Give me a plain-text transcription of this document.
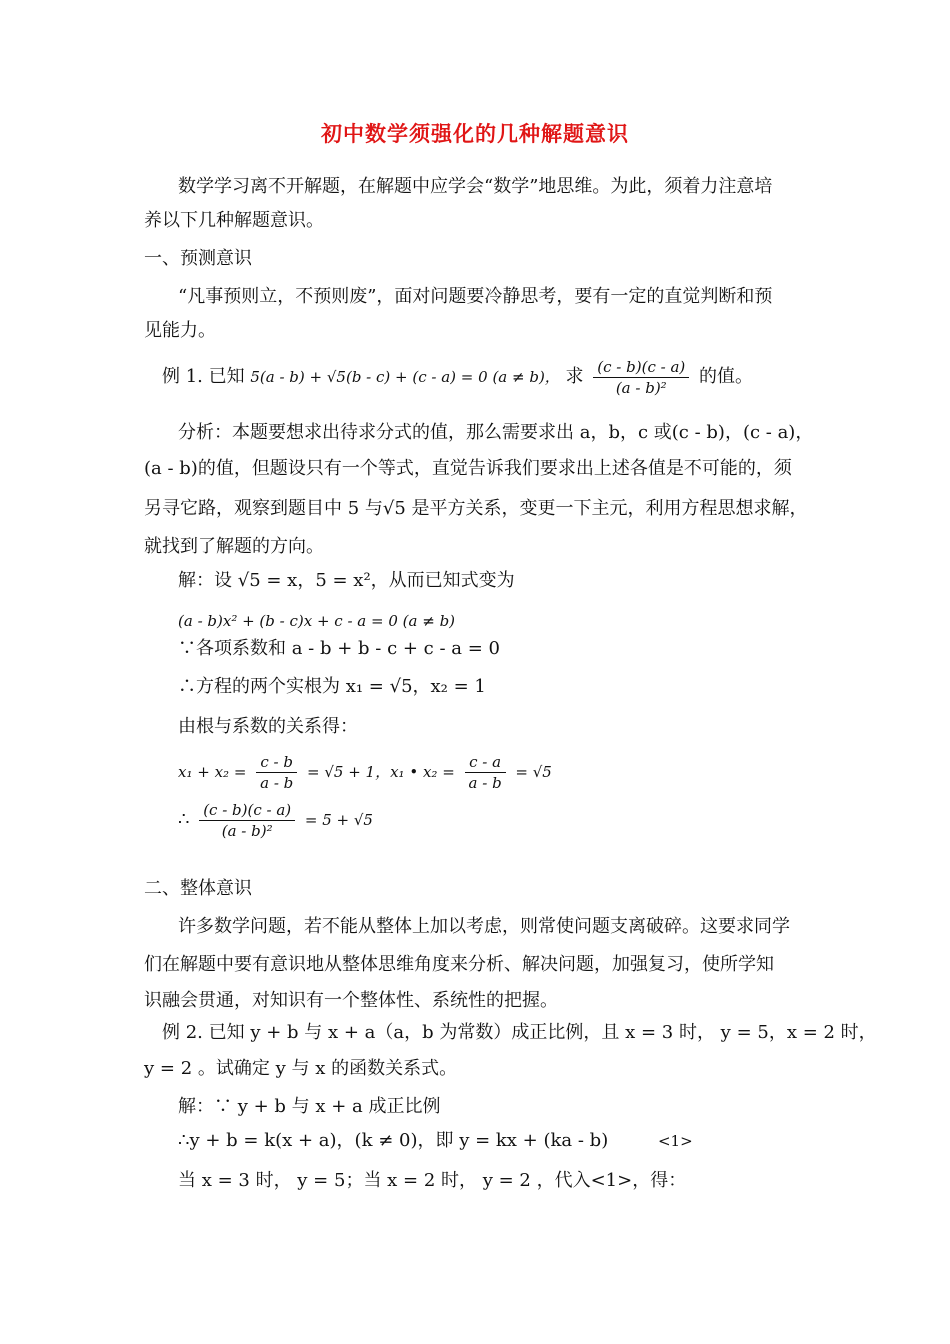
初中数学须强化的几种解题意识
数学学习离不开解题，在解题中应学会“数学”地思维。为此，须着力注意培
养以下几种解题意识。
一、预测意识
“凡事预则立，不预则废”，面对问题要冷静思考，要有一定的直觉判断和预
见能力。
例 1. 已知 5(a - b) + √5(b - c) + (c - a) = 0 (a ≠ b)， 求 $\frac{(c - b)(c - a)}{\text{(a - b)²}}$ 的值。
分析：本题要想求出待求分式的值，那么需要求出 a，b，c 或(c - b)，(c - a)，
(a - b)的值，但题设只有一个等式，直觉告诉我们要求出上述各值是不可能的，须
另寻它路，观察到题目中 5 与√5 是平方关系，变更一下主元，利用方程思想求解，
就找到了解题的方向。
解：设 √5 = x，5 = x²，从而已知式变为
(a - b)x² + (b - c)x + c - a = 0 (a ≠ b)
∵各项系数和 a - b + b - c + c - a = 0
∴方程的两个实根为 x₁ = √5，x₂ = 1
由根与系数的关系得：
$x_1 + x_2 = \frac{c - b}{a - b} = √5 + 1$，x₁ • $x_2 = \frac{c - a}{a - b} = √5$
∴ $\frac{(c - b)(c - a)}{\text{(a - b)²}} = 5 + √5$
二、整体意识
许多数学问题，若不能从整体上加以考虑，则常使问题支离破碎。这要求同学
们在解题中要有意识地从整体思维角度来分析、解决问题，加强复习，使所学知
识融会贯通，对知识有一个整体性、系统性的把握。
例 2. 已知 y + b 与 x + a（a，b 为常数）成正比例，且 x = 3 时， y = 5，x = 2 时，
y = 2 。试确定 y 与 x 的函数关系式。
解：∵ y + b 与 x + a 成正比例
∴y + b = k(x + a)，(k ≠ 0)，即 y = kx + (ka - b)	<1>
当 x = 3 时， y = 5；当 x = 2 时， y = 2 ，代入<1>，得：
